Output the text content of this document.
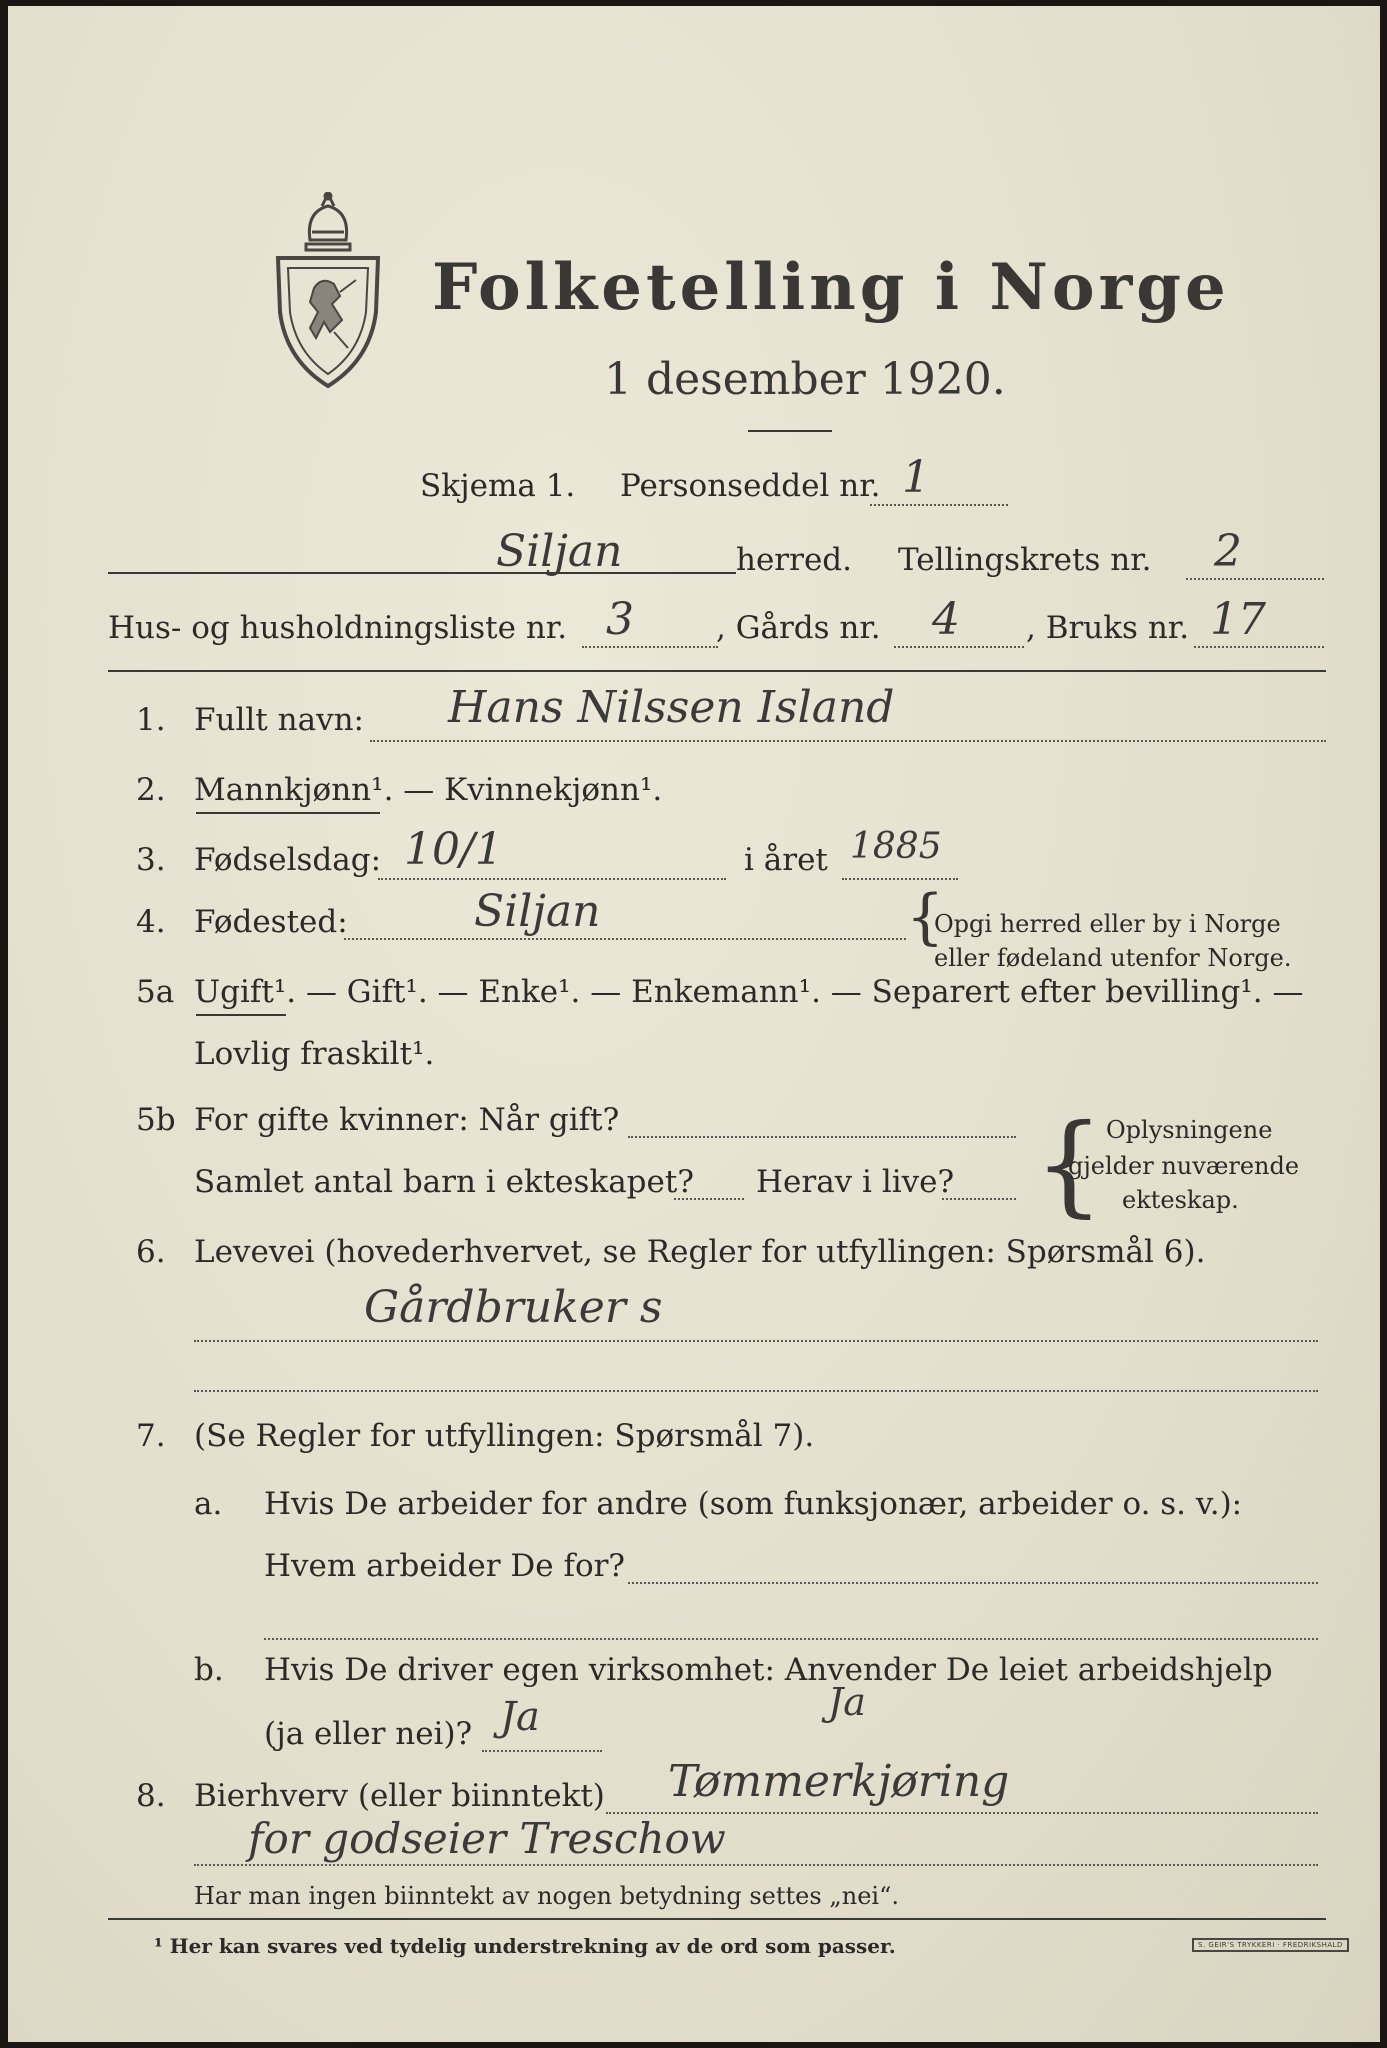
Folketelling i Norge
1 desember 1920.
Skjema 1. Personseddel nr. 1
Siljan	herred. Tellingskrets nr. 2
Hus- og husholdningsliste nr. 3	, Gårds nr. 4 , Bruks nr. 17
1. Fullt navn: Hans Nilssen Island
2. Mannkjønn¹. — Kvinnekjønn¹.
3. Fødselsdag: 10/1	i året 1885
4. Fødested:	Siljan	{
Opgi herred eller by i Norge
eller fødeland utenfor Norge.
5a Ugift¹. — Gift¹. — Enke¹. — Enkemann¹. — Separert efter bevilling¹. —
Lovlig fraskilt¹.
5b For gifte kvinner: Når gift?
Samlet antal barn i ekteskapet? Herav i live? { Oplysningene
gjelder nuværende
ekteskap.
6. Levevei (hovederhvervet, se Regler for utfyllingen: Spørsmål 6).
Gårdbruker s
7. (Se Regler for utfyllingen: Spørsmål 7).
a. Hvis De arbeider for andre (som funksjonær, arbeider o. s. v.):
Hvem arbeider De for?
b. Hvis De driver egen virksomhet: Anvender De leiet arbeidshjelp
(ja eller nei)? Ja	Ja
8. Bierhverv (eller biinntekt) Tømmerkjøring
for godseier Treschow
Har man ingen biinntekt av nogen betydning settes „nei“.
¹ Her kan svares ved tydelig understrekning av de ord som passer.	S. GEIR'S TRYKKERI · FREDRIKSHALD
